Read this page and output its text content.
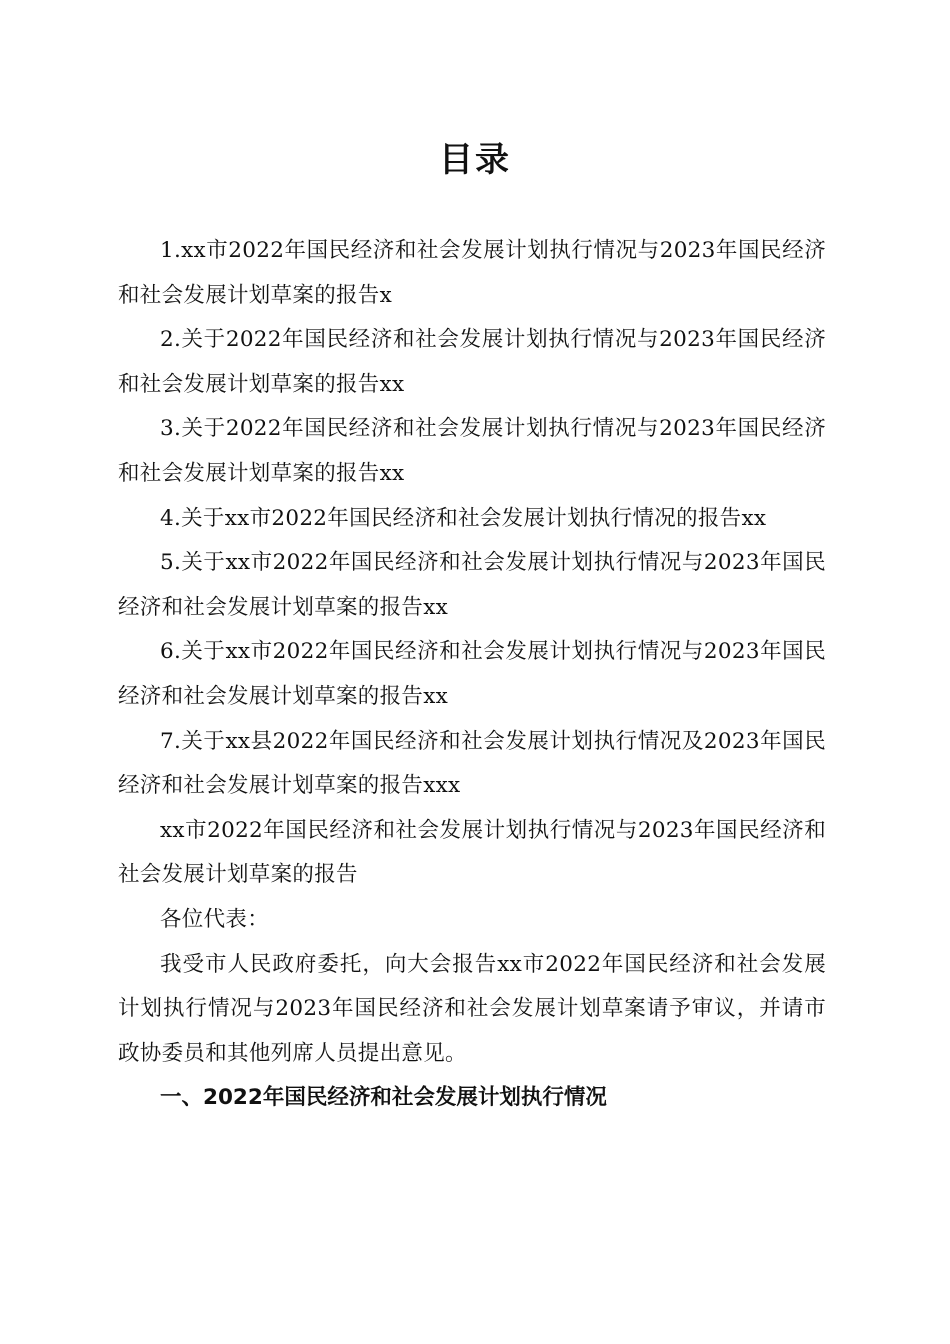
目录

1.xx市2022年国民经济和社会发展计划执行情况与2023年国民经济和社会发展计划草案的报告x

2.关于2022年国民经济和社会发展计划执行情况与2023年国民经济和社会发展计划草案的报告xx

3.关于2022年国民经济和社会发展计划执行情况与2023年国民经济和社会发展计划草案的报告xx

4.关于xx市2022年国民经济和社会发展计划执行情况的报告xx

5.关于xx市2022年国民经济和社会发展计划执行情况与2023年国民经济和社会发展计划草案的报告xx

6.关于xx市2022年国民经济和社会发展计划执行情况与2023年国民经济和社会发展计划草案的报告xx

7.关于xx县2022年国民经济和社会发展计划执行情况及2023年国民经济和社会发展计划草案的报告xxx

xx市2022年国民经济和社会发展计划执行情况与2023年国民经济和社会发展计划草案的报告

各位代表：

我受市人民政府委托，向大会报告xx市2022年国民经济和社会发展计划执行情况与2023年国民经济和社会发展计划草案请予审议，并请市政协委员和其他列席人员提出意见。

一、2022年国民经济和社会发展计划执行情况
